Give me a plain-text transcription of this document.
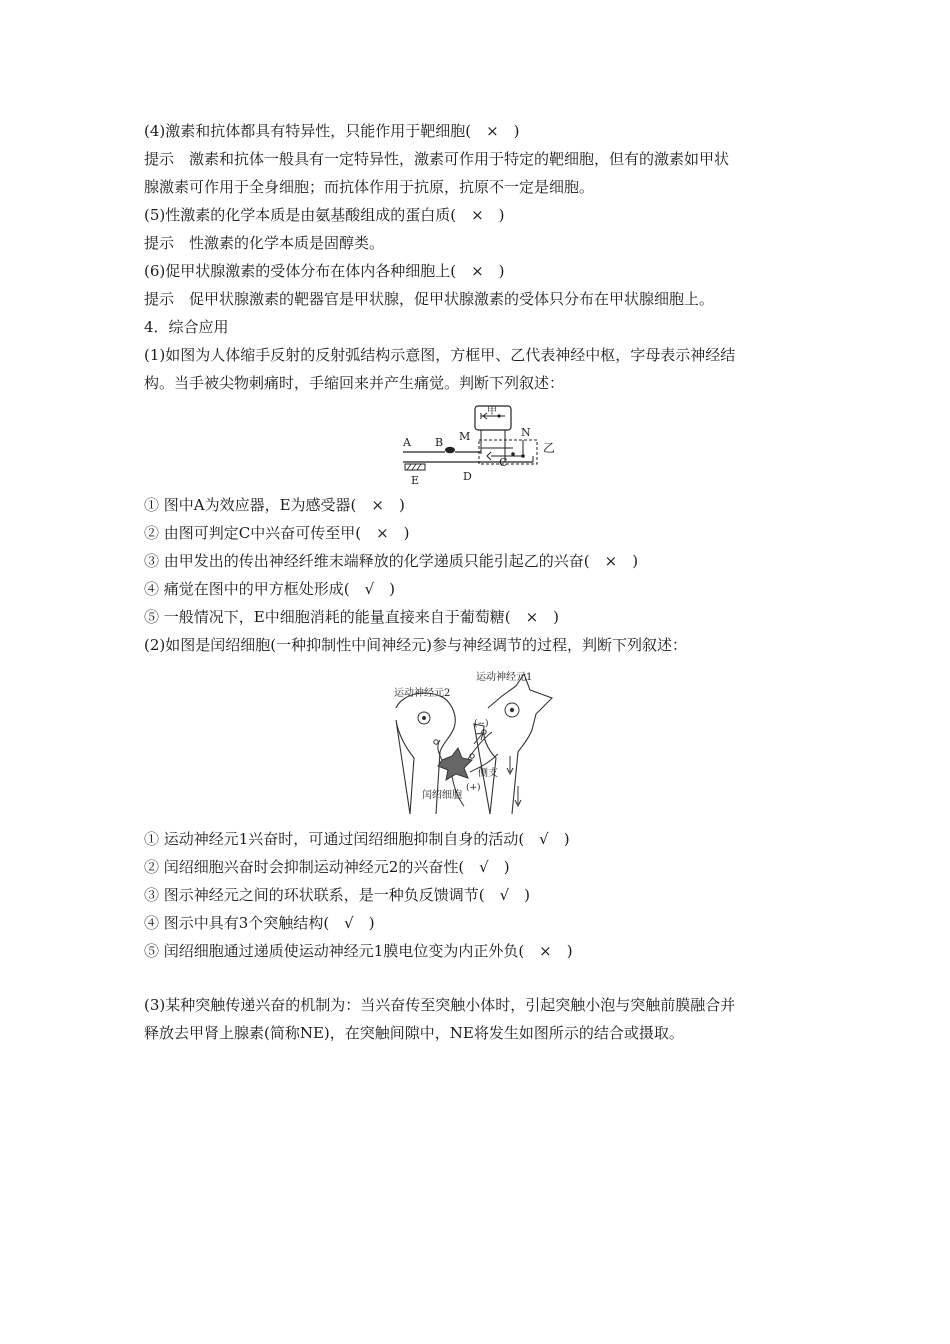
(4)激素和抗体都具有特异性，只能作用于靶细胞(　×　)
提示　激素和抗体一般具有一定特异性，激素可作用于特定的靶细胞，但有的激素如甲状
腺激素可作用于全身细胞；而抗体作用于抗原，抗原不一定是细胞。
(5)性激素的化学本质是由氨基酸组成的蛋白质(　×　)
提示　性激素的化学本质是固醇类。
(6)促甲状腺激素的受体分布在体内各种细胞上(　×　)
提示　促甲状腺激素的靶器官是甲状腺，促甲状腺激素的受体只分布在甲状腺细胞上。
4．综合应用
(1)如图为人体缩手反射的反射弧结构示意图，方框甲、乙代表神经中枢，字母表示神经结
构。当手被尖物刺痛时，手缩回来并产生痛觉。判断下列叙述：
甲
乙
A B M	N
C
D
E
① 图中A为效应器，E为感受器(　×　)
② 由图可判定C中兴奋可传至甲(　×　)
③ 由甲发出的传出神经纤维末端释放的化学递质只能引起乙的兴奋(　×　)
④ 痛觉在图中的甲方框处形成(　√　)
⑤ 一般情况下，E中细胞消耗的能量直接来自于葡萄糖(　×　)
(2)如图是闰绍细胞(一种抑制性中间神经元)参与神经调节的过程，判断下列叙述：
运动神经元1
运动神经元2
(−)
(+)
侧支
闰绍细胞
① 运动神经元1兴奋时，可通过闰绍细胞抑制自身的活动(　√　)
② 闰绍细胞兴奋时会抑制运动神经元2的兴奋性(　√　)
③ 图示神经元之间的环状联系，是一种负反馈调节(　√　)
④ 图示中具有3个突触结构(　√　)
⑤ 闰绍细胞通过递质使运动神经元1膜电位变为内正外负(　×　)
(3)某种突触传递兴奋的机制为：当兴奋传至突触小体时，引起突触小泡与突触前膜融合并
释放去甲肾上腺素(简称NE)，在突触间隙中，NE将发生如图所示的结合或摄取。
